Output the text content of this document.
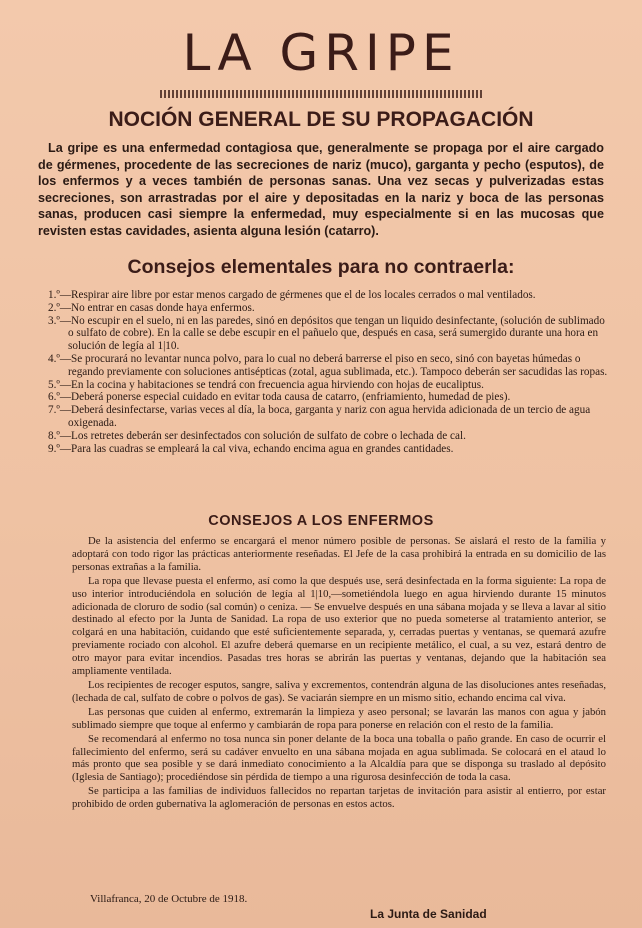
LA GRIPE
NOCIÓN GENERAL DE SU PROPAGACIÓN
La gripe es una enfermedad contagiosa que, generalmente se propaga por el aire cargado de gérmenes, procedente de las secreciones de nariz (muco), garganta y pecho (esputos), de los enfermos y a veces también de personas sanas. Una vez secas y pulverizadas estas secreciones, son arrastradas por el aire y depositadas en la nariz y boca de las personas sanas, producen casi siempre la enfermedad, muy especialmente si en las mucosas que revisten estas cavidades, asienta alguna lesión (catarro).
Consejos elementales para no contraerla:
1.º—Respirar aire libre por estar menos cargado de gérmenes que el de los locales cerrados o mal ventilados.
2.º—No entrar en casas donde haya enfermos.
3.º—No escupir en el suelo, ni en las paredes, sinó en depósitos que tengan un liquido desinfectante, (solución de sublimado o sulfato de cobre). En la calle se debe escupir en el pañuelo que, después en casa, será sumergido durante una hora en solución de legía al 1|10.
4.º—Se procurará no levantar nunca polvo, para lo cual no deberá barrerse el piso en seco, sinó con bayetas húmedas o regando previamente con soluciones antisépticas (zotal, agua sublimada, etc.). Tampoco deberán ser sacudidas las ropas.
5.º—En la cocina y habitaciones se tendrá con frecuencia agua hirviendo con hojas de eucaliptus.
6.º—Deberá ponerse especial cuidado en evitar toda causa de catarro, (enfriamiento, humedad de pies).
7.º—Deberá desinfectarse, varias veces al día, la boca, garganta y nariz con agua hervida adicionada de un tercio de agua oxigenada.
8.º—Los retretes deberán ser desinfectados con solución de sulfato de cobre o lechada de cal.
9.º—Para las cuadras se empleará la cal viva, echando encima agua en grandes cantidades.
CONSEJOS A LOS ENFERMOS

De la asistencia del enfermo se encargará el menor número posible de personas. Se aislará el resto de la familia y adoptará con todo rigor las prácticas anteriormente reseñadas. El Jefe de la casa prohibirá la entrada en su domicilio de las personas extrañas a la familia.

La ropa que llevase puesta el enfermo, así como la que después use, será desinfectada en la forma siguiente: La ropa de uso interior introduciéndola en solución de legía al 1|10,—sometiéndola luego en agua hirviendo durante 15 minutos adicionada de cloruro de sodio (sal común) o ceniza. — Se envuelve después en una sábana mojada y se lleva a lavar al sitio destinado al efecto por la Junta de Sanidad. La ropa de uso exterior que no pueda someterse al tratamiento anterior, se colgará en una habitación, cuidando que esté suficientemente separada, y, cerradas puertas y ventanas, se quemará azufre previamente rociado con alcohol. El azufre deberá quemarse en un recipiente metálico, el cual, a su vez, estará dentro de otro mayor para evitar incendios. Pasadas tres horas se abrirán las puertas y ventanas, dejando que la habitación sea ampliamente ventilada.

Los recipientes de recoger esputos, sangre, saliva y excrementos, contendrán alguna de las disoluciones antes reseñadas, (lechada de cal, sulfato de cobre o polvos de gas). Se vaciarán siempre en un mismo sitio, echando encima cal viva.

Las personas que cuiden al enfermo, extremarán la limpieza y aseo personal; se lavarán las manos con agua y jabón sublimado siempre que toque al enfermo y cambiarán de ropa para ponerse en relación con el resto de la familia.

Se recomendará al enfermo no tosa nunca sin poner delante de la boca una toballa o paño grande. En caso de ocurrir el fallecimiento del enfermo, será su cadáver envuelto en una sábana mojada en agua sublimada. Se colocará en el ataud lo más pronto que sea posible y se dará inmediato conocimiento a la Alcaldía para que se disponga su traslado al depósito (Iglesia de Santiago); procediéndose sin pérdida de tiempo a una rigurosa desinfección de toda la casa.

Se participa a las familias de individuos fallecidos no repartan tarjetas de invitación para asistir al entierro, por estar prohibido de orden gubernativa la aglomeración de personas en estos actos.

Villafranca, 20 de Octubre de 1918.
La Junta de Sanidad
